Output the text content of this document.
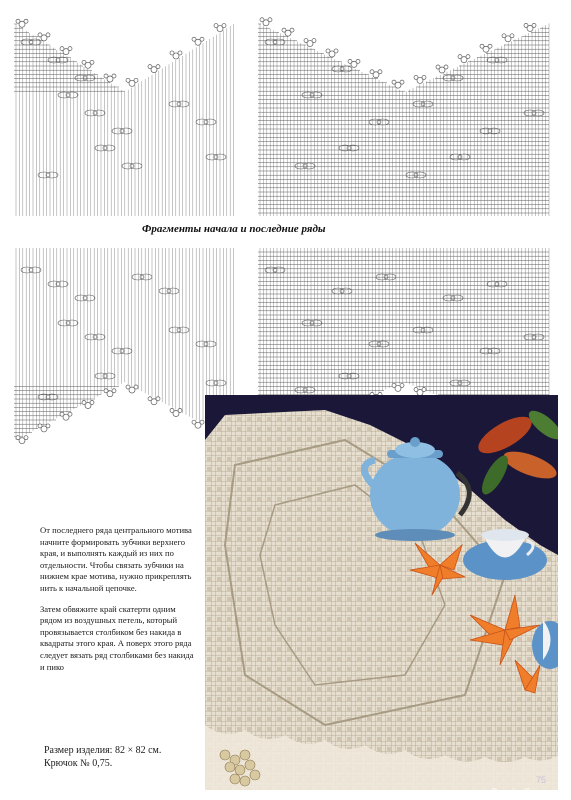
Фрагменты начала и последние ряды

От последнего ряда центрального мотива начните формировать зубчики верхнего края, и выполнять каждый из них по отдельности. Чтобы связать зубчики на нижнем крае мотива, нужно прикреплять нить к начальной цепочке.

Затем обвяжите край скатерти одним рядом из воздушных петель, который провязывается столбиком без накида в квадраты этого края. А поверх этого ряда следует вязать ряд столбиками без накида и пико

Размер изделия: 82 × 82 см.
Крючок № 0,75.
75
PassionForum.ru
